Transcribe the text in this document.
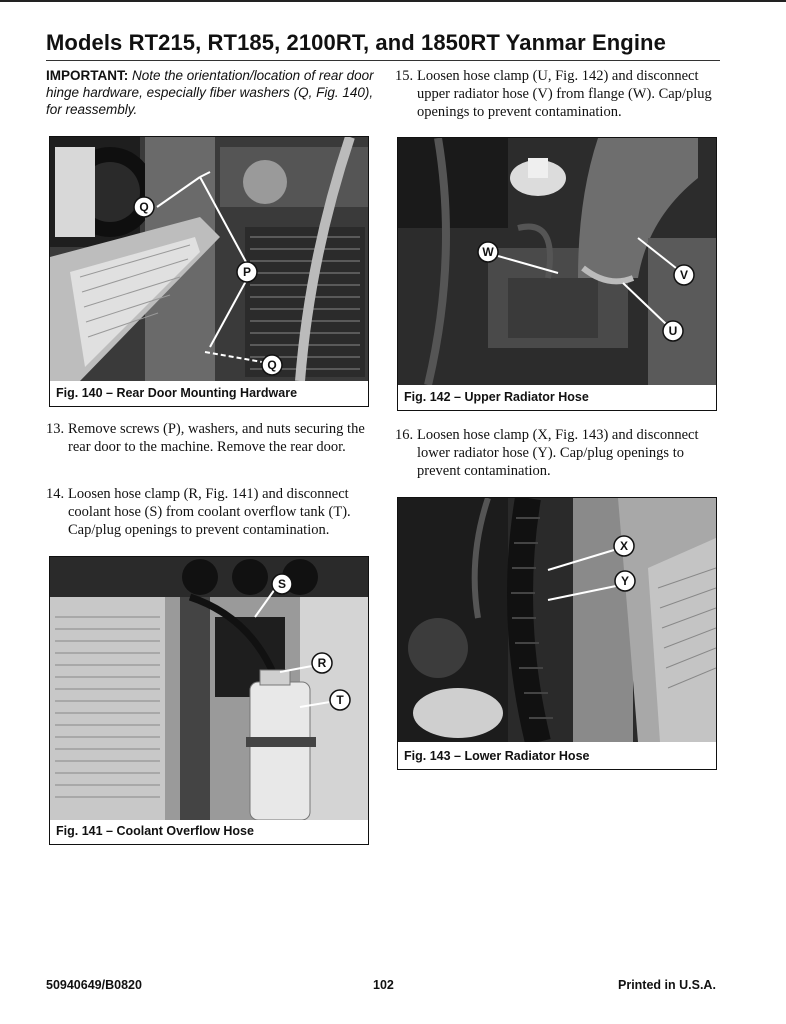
Models RT215, RT185, 2100RT, and 1850RT Yanmar Engine
IMPORTANT: Note the orientation/location of rear door hinge hardware, especially fiber washers (Q, Fig. 140), for reassembly.
Q
P
Q
Fig. 140 – Rear Door Mounting Hardware
13. Remove screws (P), washers, and nuts securing the rear door to the machine. Remove the rear door.
14. Loosen hose clamp (R, Fig. 141) and disconnect coolant hose (S) from coolant overflow tank (T). Cap/plug openings to prevent contamination.
S
R
T
Fig. 141 – Coolant Overflow Hose
15. Loosen hose clamp (U, Fig. 142) and disconnect upper radiator hose (V) from flange (W). Cap/plug openings to prevent contamination.
W
V
U
Fig. 142 – Upper Radiator Hose
16. Loosen hose clamp (X, Fig. 143) and disconnect lower radiator hose (Y). Cap/plug openings to prevent contamination.
X
Y
Fig. 143 – Lower Radiator Hose
50940649/B0820	102	Printed in U.S.A.
